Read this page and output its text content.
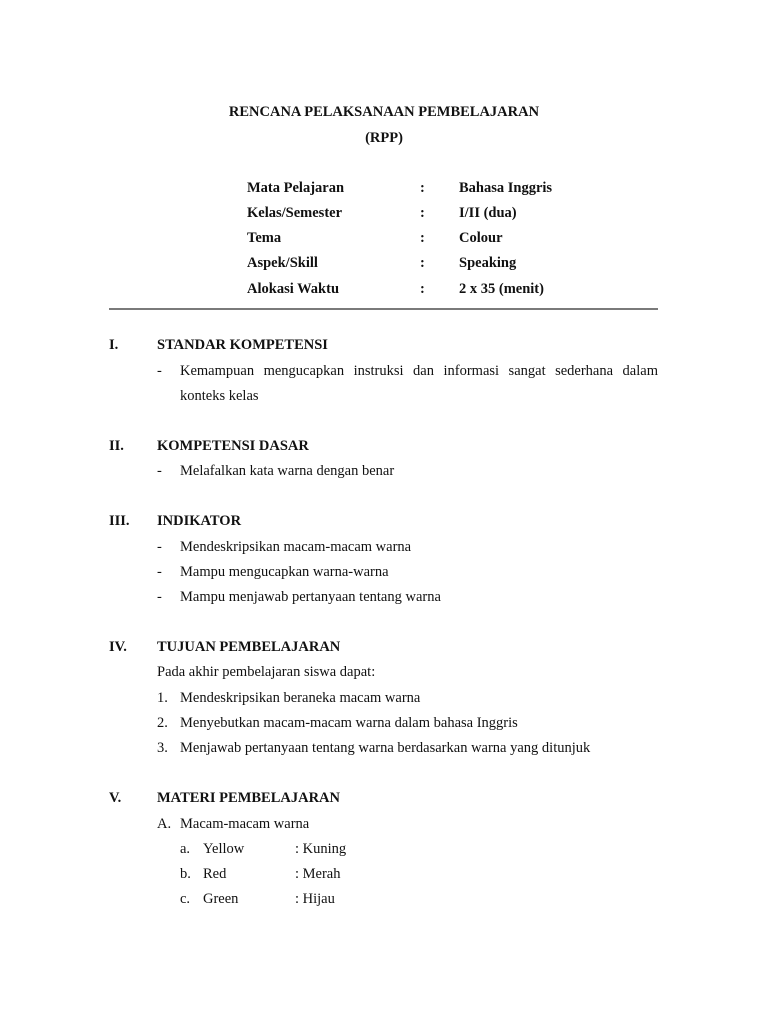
RENCANA PELAKSANAAN PEMBELAJARAN
(RPP)
Mata Pelajaran	: Bahasa Inggris
Kelas/Semester	: I/II (dua)
Tema	: Colour
Aspek/Skill	: Speaking
Alokasi Waktu	: 2 x 35 (menit)
I.	STANDAR KOMPETENSI
- Kemampuan mengucapkan instruksi dan informasi sangat sederhana dalam
konteks kelas
II. KOMPETENSI DASAR
- Melafalkan kata warna dengan benar
III. INDIKATOR
- Mendeskripsikan macam-macam warna
- Mampu mengucapkan warna-warna
- Mampu menjawab pertanyaan tentang warna
IV. TUJUAN PEMBELAJARAN
Pada akhir pembelajaran siswa dapat:
1. Mendeskripsikan beraneka macam warna
2. Menyebutkan macam-macam warna dalam bahasa Inggris
3. Menjawab pertanyaan tentang warna berdasarkan warna yang ditunjuk
V. MATERI PEMBELAJARAN
A. Macam-macam warna
a. Yellow	: Kuning
b. Red	: Merah
c. Green	: Hijau
